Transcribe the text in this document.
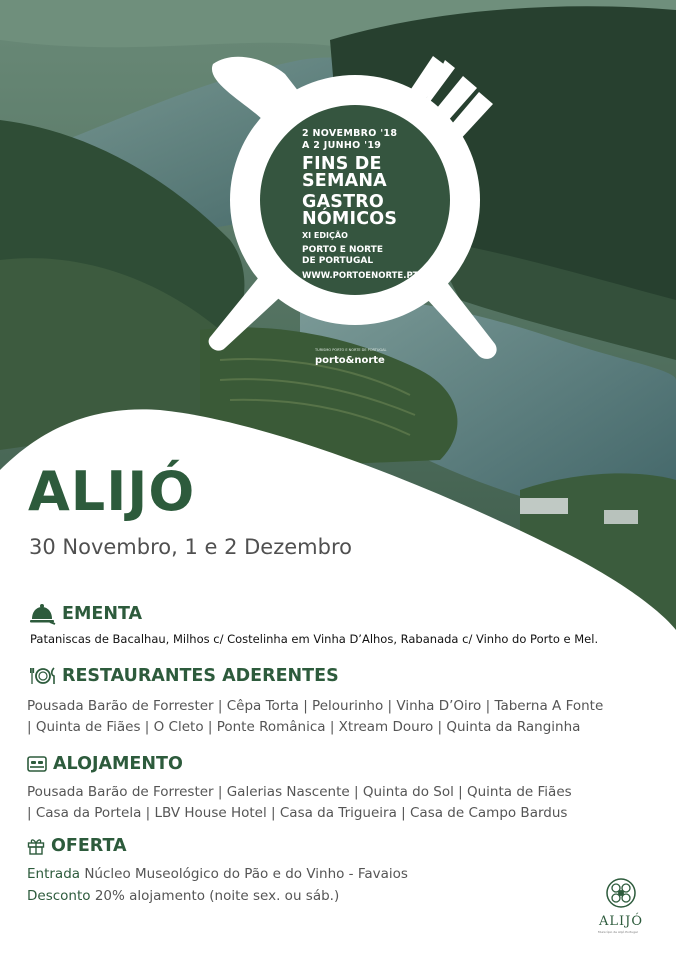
2 NOVEMBRO '18
A 2 JUNHO '19
FINS DE
SEMANA
GASTRO
NÓMICOS
XI EDIÇÃO
PORTO E NORTE
DE PORTUGAL
WWW.PORTOENORTE.PT
TURISMO PORTO E NORTE DE PORTUGAL
porto&norte
ALIJÓ
30 Novembro, 1 e 2 Dezembro
EMENTA
Pataniscas de Bacalhau, Milhos c/ Costelinha em Vinha D’Alhos, Rabanada c/ Vinho do Porto e Mel.
RESTAURANTES ADERENTES
Pousada Barão de Forrester | Cêpa Torta | Pelourinho | Vinha D’Oiro | Taberna A Fonte
| Quinta de Fiães | O Cleto | Ponte Românica | Xtream Douro | Quinta da Ranginha
ALOJAMENTO
Pousada Barão de Forrester | Galerias Nascente | Quinta do Sol | Quinta de Fiães
| Casa da Portela | LBV House Hotel | Casa da Trigueira | Casa de Campo Bardus
OFERTA
Entrada Núcleo Museológico do Pão e do Vinho - Favaios
Desconto 20% alojamento (noite sex. ou sáb.)
ALIJÓ
Município de Alijó Portugal
